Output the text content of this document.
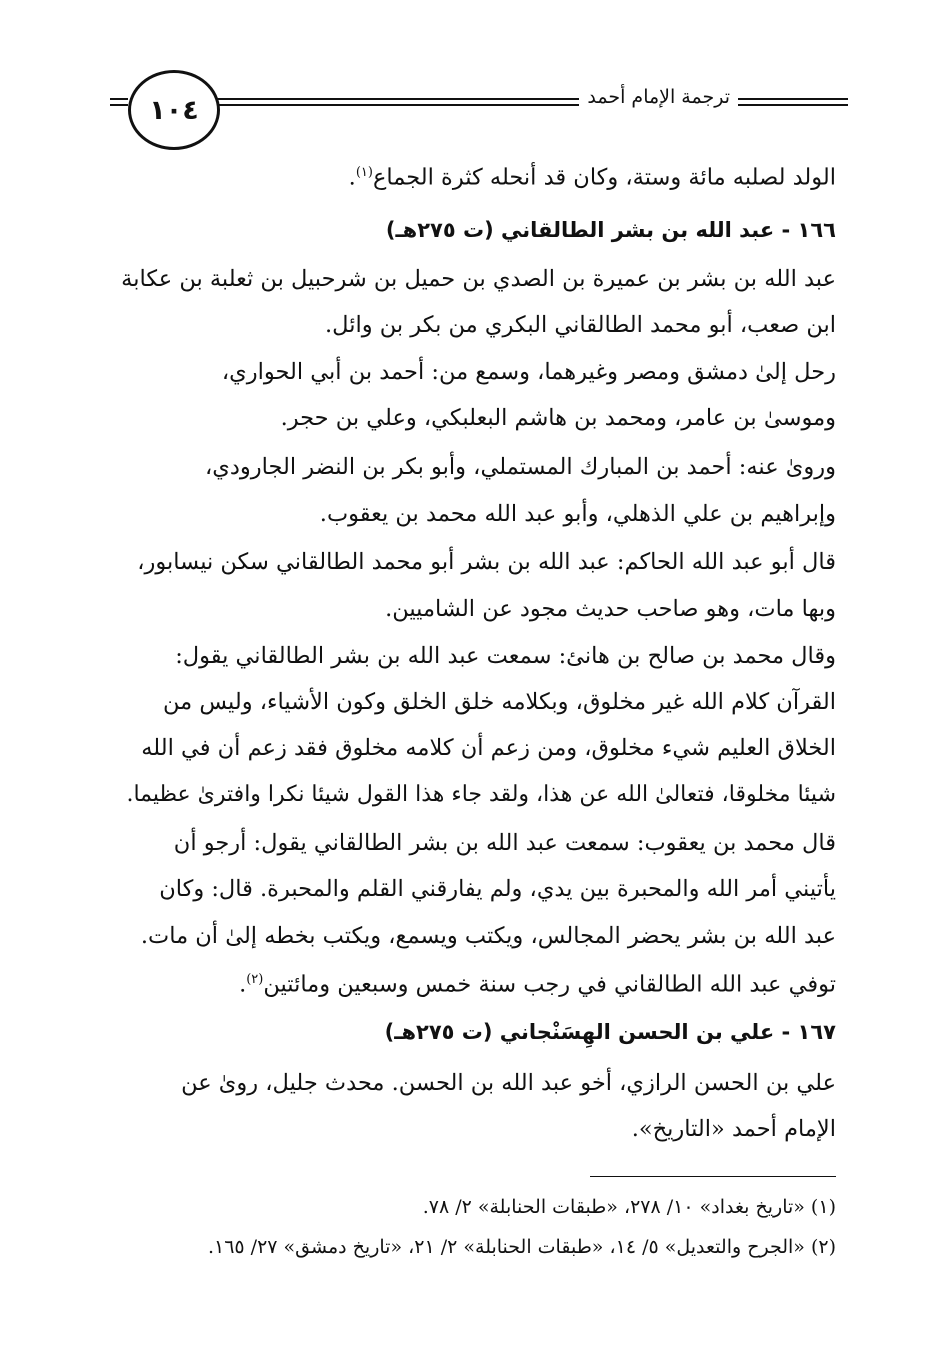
١٠٤	ترجمة الإمام أحمد
الولد لصلبه مائة وستة، وكان قد أنحله كثرة الجماع$^{(١)}$.
١٦٦ - عبد الله بن بشر الطالقاني (ت ٢٧٥هـ)
عبد الله بن بشر بن عميرة بن الصدي بن حميل بن شرحبيل بن ثعلبة بن عكابة
ابن صعب، أبو محمد الطالقاني البكري من بكر بن وائل.
رحل إلىٰ دمشق ومصر وغيرهما، وسمع من: أحمد بن أبي الحواري،
وموسىٰ بن عامر، ومحمد بن هاشم البعلبكي، وعلي بن حجر.
وروىٰ عنه: أحمد بن المبارك المستملي، وأبو بكر بن النضر الجارودي،
وإبراهيم بن علي الذهلي، وأبو عبد الله محمد بن يعقوب.
قال أبو عبد الله الحاكم: عبد الله بن بشر أبو محمد الطالقاني سكن نيسابور،
وبها مات، وهو صاحب حديث مجود عن الشاميين.
وقال محمد بن صالح بن هانئ: سمعت عبد الله بن بشر الطالقاني يقول:
القرآن كلام الله غير مخلوق، وبكلامه خلق الخلق وكون الأشياء، وليس من
الخلاق العليم شيء مخلوق، ومن زعم أن كلامه مخلوق فقد زعم أن في الله
شيئا مخلوقا، فتعالىٰ الله عن هذا، ولقد جاء هذا القول شيئا نكرا وافترىٰ عظيما.
قال محمد بن يعقوب: سمعت عبد الله بن بشر الطالقاني يقول: أرجو أن
يأتيني أمر الله والمحبرة بين يدي، ولم يفارقني القلم والمحبرة. قال: وكان
عبد الله بن بشر يحضر المجالس، ويكتب ويسمع، ويكتب بخطه إلىٰ أن مات.
توفي عبد الله الطالقاني في رجب سنة خمس وسبعين ومائتين$^{(٢)}$.
١٦٧ - علي بن الحسن الهِسَنْجاني (ت ٢٧٥هـ)
علي بن الحسن الرازي، أخو عبد الله بن الحسن. محدث جليل، روىٰ عن
الإمام أحمد «التاريخ».
(١) «تاريخ بغداد» ١٠/ ٢٧٨، «طبقات الحنابلة» ٢/ ٧٨.
(٢) «الجرح والتعديل» ٥/ ١٤، «طبقات الحنابلة» ٢/ ٢١، «تاريخ دمشق» ٢٧/ ١٦٥.
